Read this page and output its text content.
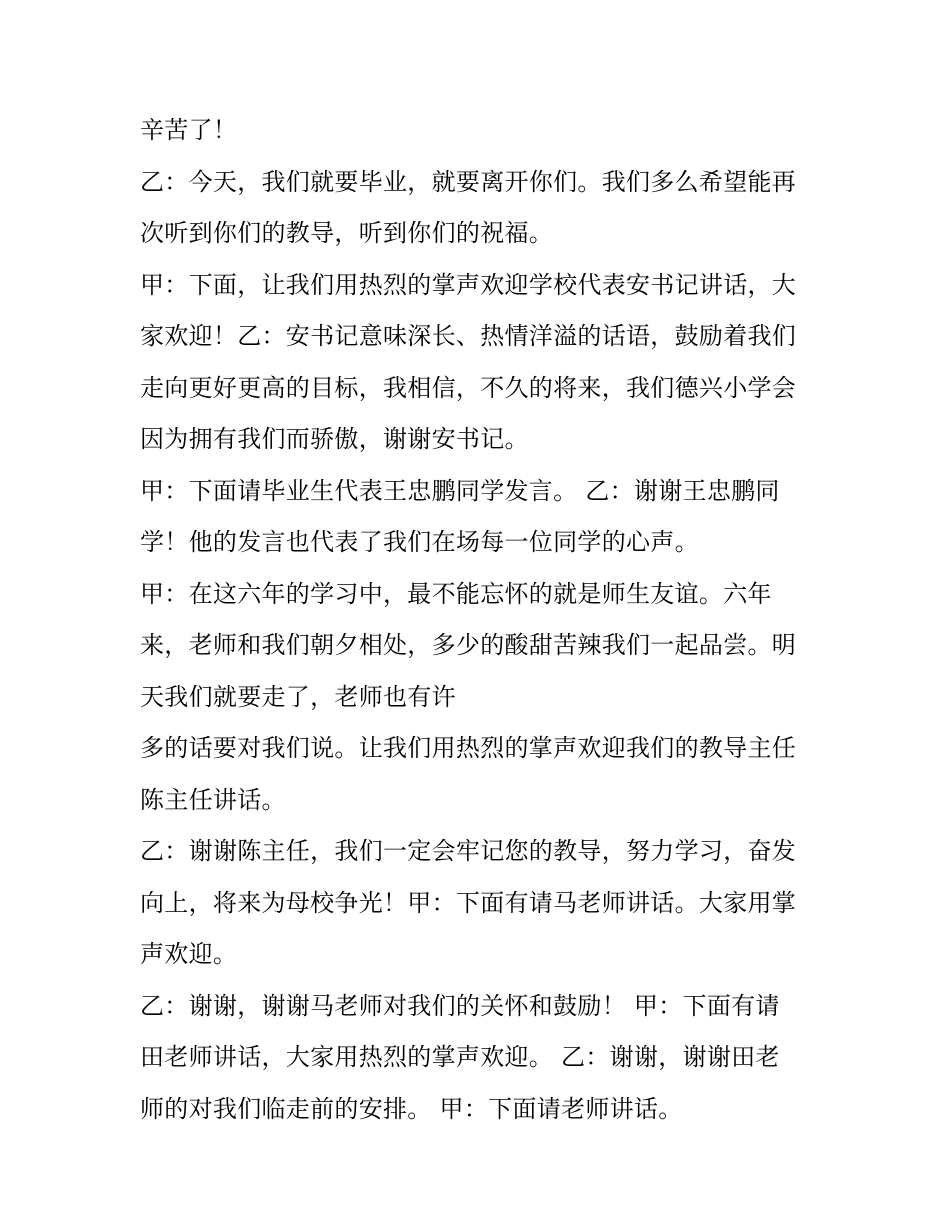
辛苦了！
乙：今天，我们就要毕业，就要离开你们。我们多么希望能再
次听到你们的教导，听到你们的祝福。
甲：下面，让我们用热烈的掌声欢迎学校代表安书记讲话，大
家欢迎！乙：安书记意味深长、热情洋溢的话语，鼓励着我们
走向更好更高的目标，我相信，不久的将来，我们德兴小学会
因为拥有我们而骄傲，谢谢安书记。
甲：下面请毕业生代表王忠鹏同学发言。 乙：谢谢王忠鹏同
学！他的发言也代表了我们在场每一位同学的心声。
甲：在这六年的学习中，最不能忘怀的就是师生友谊。六年
来，老师和我们朝夕相处，多少的酸甜苦辣我们一起品尝。明
天我们就要走了，老师也有许
多的话要对我们说。让我们用热烈的掌声欢迎我们的教导主任
陈主任讲话。
乙：谢谢陈主任，我们一定会牢记您的教导，努力学习，奋发
向上，将来为母校争光！甲：下面有请马老师讲话。大家用掌
声欢迎。
乙：谢谢，谢谢马老师对我们的关怀和鼓励！ 甲：下面有请
田老师讲话，大家用热烈的掌声欢迎。 乙：谢谢，谢谢田老
师的对我们临走前的安排。 甲：下面请老师讲话。
